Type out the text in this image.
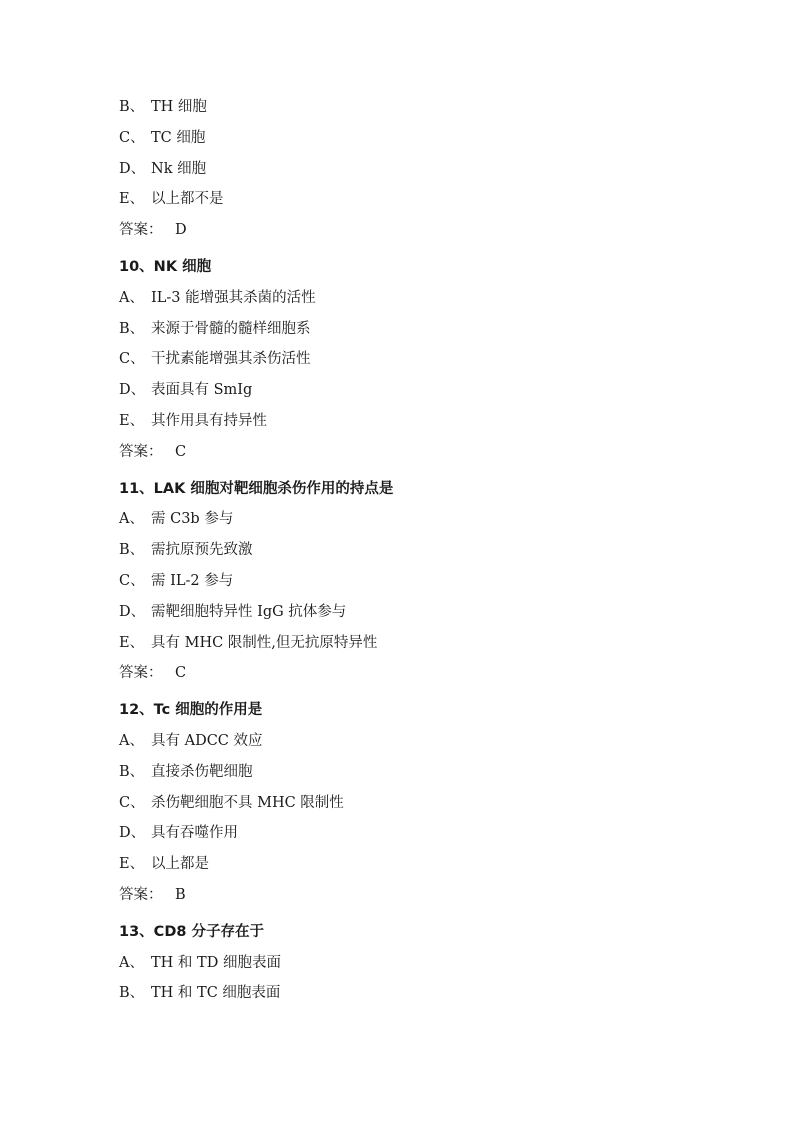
B、 TH 细胞
C、 TC 细胞
D、 Nk 细胞
E、 以上都不是
答案： D
10、NK 细胞
A、 IL-3 能增强其杀菌的活性
B、 来源于骨髓的髓样细胞系
C、 干扰素能增强其杀伤活性
D、 表面具有 SmIg
E、 其作用具有持异性
答案： C
11、LAK 细胞对靶细胞杀伤作用的持点是
A、 需 C3b 参与
B、 需抗原预先致激
C、 需 IL-2 参与
D、 需靶细胞特异性 IgG 抗体参与
E、 具有 MHC 限制性,但无抗原特异性
答案： C
12、Tc 细胞的作用是
A、 具有 ADCC 效应
B、 直接杀伤靶细胞
C、 杀伤靶细胞不具 MHC 限制性
D、 具有吞噬作用
E、 以上都是
答案： B
13、CD8 分子存在于
A、 TH 和 TD 细胞表面
B、 TH 和 TC 细胞表面
